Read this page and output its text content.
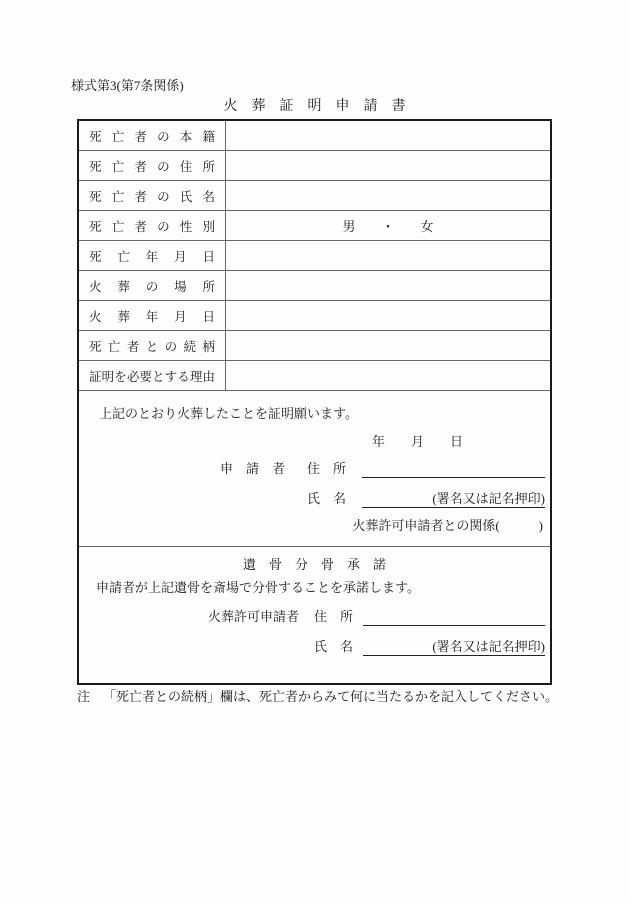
様式第3(第7条関係)
火葬証明申請書
死亡者の本籍
死亡者の住所
死亡者の氏名
死亡者の性別	男　　・　　女
死亡年月日
火葬の場所
火葬年月日
死亡者との続柄
証明を必要とする理由
上記のとおり火葬したことを証明願います。
年　　月　　日
申　請　者 住　所
氏　名	(署名又は記名押印)
火葬許可申請者との関係(　　　)
遺骨分骨承諾
申請者が上記遺骨を斎場で分骨することを承諾します。
火葬許可申請者 住　所
氏　名	(署名又は記名押印)
注 「死亡者との続柄」欄は、死亡者からみて何に当たるかを記入してください。
